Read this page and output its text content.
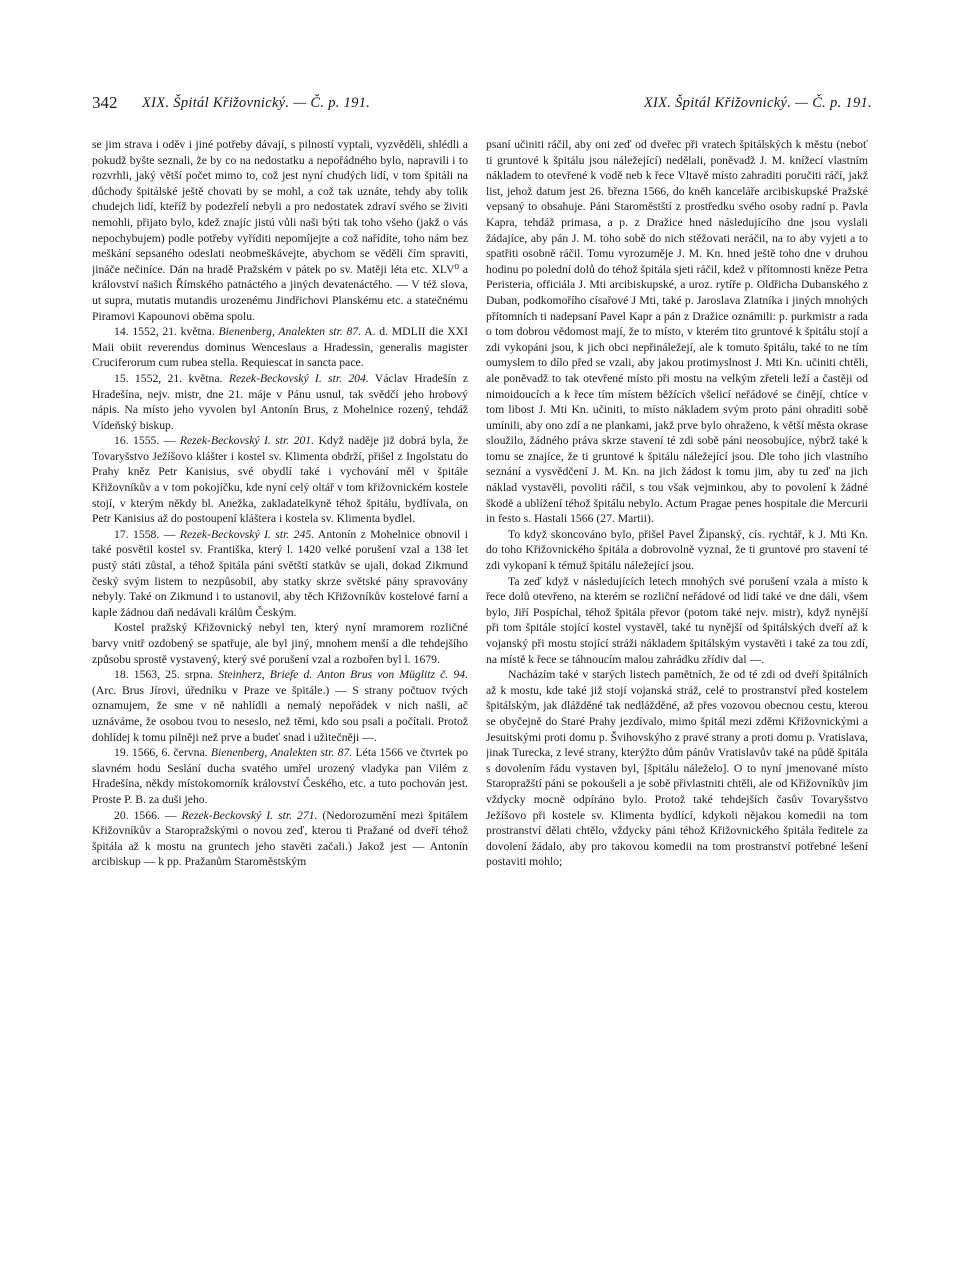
342 XIX. Špitál Křižovnický. — Č. p. 191.	XIX. Špitál Křižovnický. — Č. p. 191.

se jim strava i oděv i jiné potřeby dávají, s pilností vyptali, vyzvěděli, shlédli a pokudž byšte seznali, že by co na nedostatku a nepořádného bylo, napravili i to rozvrhli, jaký větší počet mimo to, což jest nyní chudých lidí, v tom špitáli na důchody špitálské ještě chovati by se mohl, a což tak uznáte, tehdy aby tolik chudejch lidí, kteříž by podezřelí nebyli a pro nedostatek zdraví svého se živiti nemohli, přijato bylo, kdež znajíc jistú vůli naši býti tak toho všeho (jakž o vás nepochybujem) podle potřeby vyříditi nepomíjejte a což nařídíte, toho nám bez meškání sepsaného odeslati neobmeškávejte, abychom se věděli čím spraviti, jináče nečiníce. Dán na hradě Pražském v pátek po sv. Matěji léta etc. XLV⁰ a království našich Římského patnáctého a jiných devatenáctého. — V též slova, ut supra, mutatis mutandis urozenému Jindřichovi Planskému etc. a statečnému Piramovi Kapounovi oběma spolu.

14. 1552, 21. května. Bienenberg, Analekten str. 87. A. d. MDLII die XXI Maii obiit reverendus dominus Wenceslaus a Hradessin, generalis magister Cruciferorum cum rubea stella. Requiescat in sancta pace.

15. 1552, 21. května. Rezek-Beckovský I. str. 204. Václav Hradešín z Hradešína, nejv. mistr, dne 21. máje v Pánu usnul, tak svědčí jeho hrobový nápis. Na místo jeho vyvolen byl Antonín Brus, z Mohelnice rozený, tehdáž Vídeňský biskup.

16. 1555. — Rezek-Beckovský I. str. 201. Když naděje již dobrá byla, že Tovaryšstvo Ježíšovo klášter i kostel sv. Klimenta obdrží, přišel z Ingolstatu do Prahy kněz Petr Kanisius, své obydlí také i vychování měl v špitále Křižovníkův a v tom pokojíčku, kde nyní celý oltář v tom křižovnickém kostele stojí, v kterým někdy bl. Anežka, zakladatelkyně téhož špitálu, bydlívala, on Petr Kanisius až do postoupení kláštera i kostela sv. Klimenta bydlel.

17. 1558. — Rezek-Beckovský I. str. 245. Antonín z Mohelnice obnovil i také posvětil kostel sv. Františka, který l. 1420 velké porušení vzal a 138 let pustý státi zůstal, a téhož špitála páni světští statkův se ujali, dokad Zikmund český svým listem to nezpůsobil, aby statky skrze světské pány spravovány nebyly. Také on Zikmund i to ustanovil, aby těch Křižovníkův kostelové farní a kaple žádnou daň nedávali králům Českým.

Kostel pražský Křižovnický nebyl ten, který nyní mramorem rozličné barvy vnitř ozdobený se spatřuje, ale byl jiný, mnohem menší a dle tehdejšího způsobu sprostě vystavený, který své porušení vzal a rozbořen byl l. 1679.

18. 1563, 25. srpna. Steinherz, Briefe d. Anton Brus von Müglitz č. 94. (Arc. Brus Jírovi, úředníku v Praze ve špitále.) — S strany počtuov tvých oznamujem, že sme v ně nahlídli a nemalý nepořádek v nich našli, ač uznáváme, že osobou tvou to neseslo, než těmi, kdo sou psali a počítali. Protož dohlídej k tomu pilněji než prve a budeť snad i užitečněji —.

19. 1566, 6. června. Bienenberg, Analekten str. 87. Léta 1566 ve čtvrtek po slavném hodu Seslání ducha svatého umřel urozený vladyka pan Vilém z Hradešína, někdy místokomorník království Českého, etc. a tuto pochován jest. Proste P. B. za duši jeho.

20. 1566. — Rezek-Beckovský I. str. 271. (Nedorozumění mezi špitálem Křižovníkův a Staropražskými o novou zeď, kterou ti Pražané od dveří téhož špitála až k mostu na gruntech jeho stavěti začali.) Jakož jest — Antonín arcibiskup — k pp. Pražanům Staroměstským

psaní učiniti ráčil, aby oni zeď od dveřec při vratech špitálských k městu (neboť ti gruntové k špitálu jsou náležející) nedělali, poněvadž J. M. knížecí vlastním nákladem to otevřené k vodě neb k řece Vltavě místo zahraditi poručiti ráčí, jakž list, jehož datum jest 26. března 1566, do kněh kanceláře arcibiskupské Pražské vepsaný to obsahuje. Páni Staroměstští z prostředku svého osoby radní p. Pavla Kapra, tehdáž primasa, a p. z Dražice hned následujícího dne jsou vyslali žádajíce, aby pán J. M. toho sobě do nich stěžovati neráčil, na to aby vyjeti a to spatřiti osobně ráčil. Tomu vyrozuměje J. M. Kn. hned ještě toho dne v druhou hodinu po polední dolů do téhož špitála sjeti ráčil, kdež v přítomnosti kněze Petra Peristeria, officiála J. Mti arcibiskupské, a uroz. rytíře p. Oldřicha Dubanského z Duban, podkomořího císařové J Mti, také p. Jaroslava Zlatníka i jiných mnohých přítomních ti nadepsaní Pavel Kapr a pán z Dražice oznámili: p. purkmistr a rada o tom dobrou vědomost mají, že to místo, v kterém tito gruntové k špitálu stojí a zdi vykopáni jsou, k jich obci nepřináležejí, ale k tomuto špitálu, také to ne tím oumyslem to dílo před se vzali, aby jakou protimyslnost J. Mti Kn. učiniti chtěli, ale poněvadž to tak otevřené místo při mostu na velkým zřeteli leží a častěji od nimoidoucích a k řece tím místem běžících všelicí neřádové se činějí, chtíce v tom libost J. Mti Kn. učiniti, to místo nákladem svým proto páni ohraditi sobě umínili, aby ono zdí a ne plankami, jakž prve bylo ohraženo, k větší města okrase sloužilo, žádného práva skrze stavení té zdi sobě páni neosobujíce, nýbrž také k tomu se znajíce, že ti gruntové k špitálu náležející jsou. Dle toho jich vlastního seznání a vysvědčení J. M. Kn. na jich žádost k tomu jim, aby tu zeď na jich náklad vystavěli, povoliti ráčil, s tou však vejminkou, aby to povolení k žádné škodě a ublížení téhož špitálu nebylo. Actum Pragae penes hospitale die Mercurii in festo s. Hastali 1566 (27. Martii).

To když skoncováno bylo, přišel Pavel Žipanský, cís. rychtář, k J. Mti Kn. do toho Křižovnického špitála a dobrovolně vyznal, že ti gruntové pro stavení té zdi vykopaní k témuž špitálu náležející jsou.

Ta zeď když v následujících letech mnohých své porušení vzala a místo k řece dolů otevřeno, na kterém se rozliční neřádové od lidí také ve dne dáli, všem bylo, Jiří Pospíchal, téhož špitála převor (potom také nejv. mistr), když nynější při tom špitále stojící kostel vystavěl, také tu nynější od špitálských dveří až k vojanský při mostu stojící stráži nákladem špitálským vystavěti i také za tou zdí, na místě k řece se táhnoucím malou zahrádku zřídiv dal —.

Nacházím také v starých listech pamětních, že od té zdi od dveří špitálních až k mostu, kde také již stojí vojanská stráž, celé to prostranství před kostelem špitálským, jak dlážděné tak nedlážděné, až přes vozovou obecnou cestu, kterou se obyčejně do Staré Prahy jezdívalo, mimo špitál mezi zděmi Křižovnickými a Jesuitskými proti domu p. Švihovskýho z pravé strany a proti domu p. Vratislava, jinak Turecka, z levé strany, kterýžto dům pánův Vratislavův také na půdě špitála s dovolením řádu vystaven byl, [špitálu náleželo]. O to nyní jmenované místo Staropražští páni se pokoušeli a je sobě přivlastniti chtěli, ale od Křižovníkův jim vždycky mocně odpíráno bylo. Protož také tehdejších časův Tovaryšstvo Ježíšovo při kostele sv. Klimenta bydlící, kdykoli nějakou komedii na tom prostranství dělati chtělo, vždycky páni téhož Křižovnického špitála ředitele za dovolení žádalo, aby pro takovou komedii na tom prostranství potřebné lešení postaviti mohlo;
